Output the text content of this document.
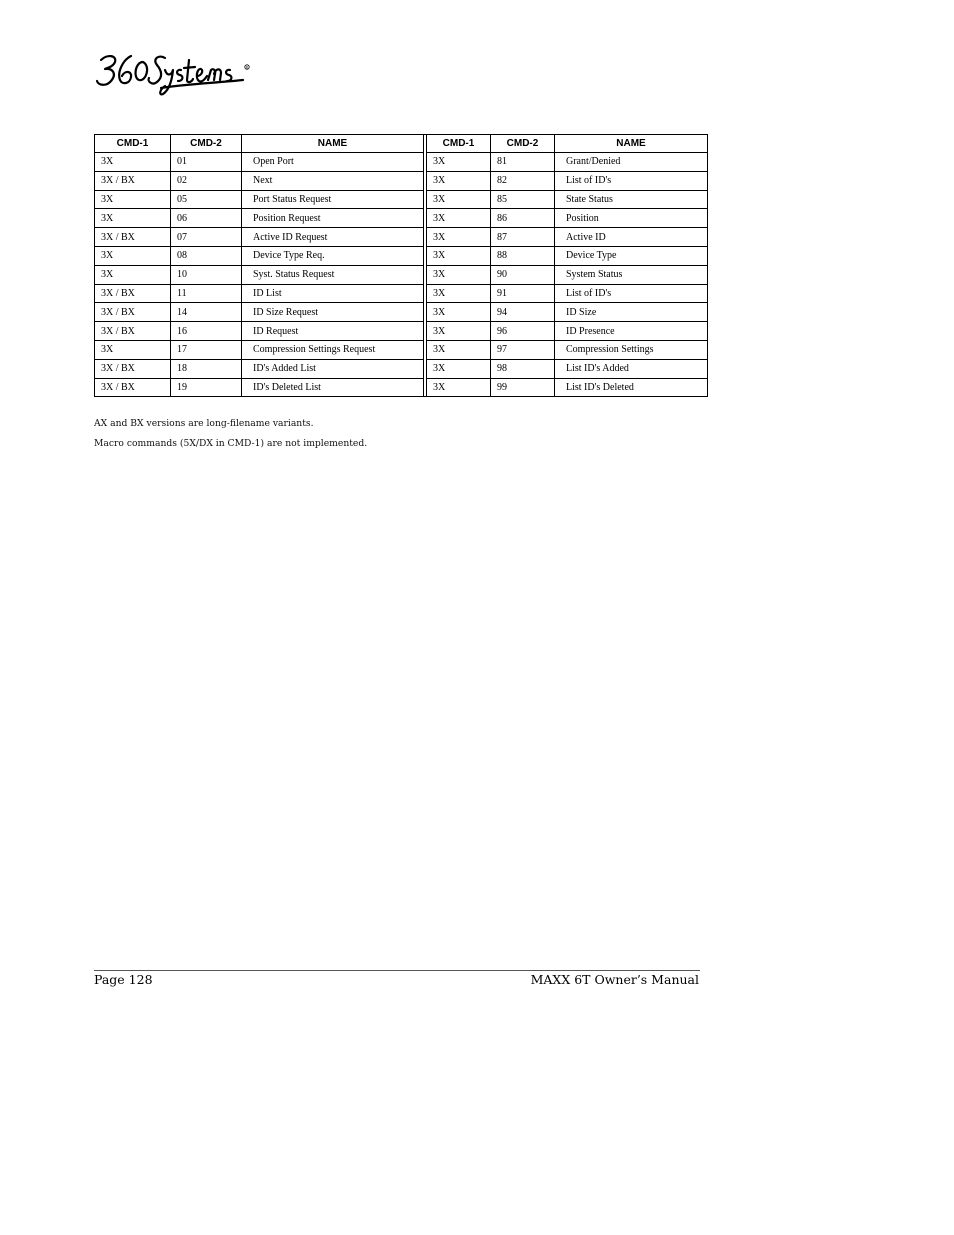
R
CMD-1	CMD-2	NAME		CMD-1	CMD-2	NAME
3X	01	Open Port		3X	81	Grant/Denied
3X / BX	02	Next		3X	82	List of ID's
3X	05	Port Status Request		3X	85	State Status
3X	06	Position Request		3X	86	Position
3X / BX	07	Active ID Request		3X	87	Active ID
3X	08	Device Type Req.		3X	88	Device Type
3X	10	Syst. Status Request		3X	90	System Status
3X / BX	11	ID List		3X	91	List of ID's
3X / BX	14	ID Size Request		3X	94	ID Size
3X / BX	16	ID Request		3X	96	ID Presence
3X	17	Compression Settings Request		3X	97	Compression Settings
3X / BX	18	ID's Added List		3X	98	List ID's Added
3X / BX	19	ID's Deleted List		3X	99	List ID's Deleted
AX and BX versions are long-filename variants.
Macro commands (5X/DX in CMD-1) are not implemented.
Page 128	MAXX 6T Owner’s Manual
